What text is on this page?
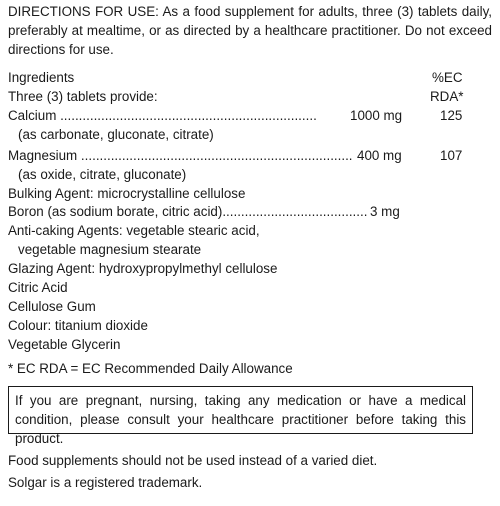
DIRECTIONS FOR USE: As a food supplement for adults, three (3) tablets daily, preferably at mealtime, or as directed by a healthcare practitioner. Do not exceed directions for use.
Ingredients	%EC
Three (3) tablets provide:	RDA*
Calcium .....................................................................	1000 mg	125
(as carbonate, gluconate, citrate)
Magnesium ......................................................................... 400 mg	107
(as oxide, citrate, gluconate)
Bulking Agent: microcrystalline cellulose
Boron (as sodium borate, citric acid)....................................... 3 mg
Anti-caking Agents: vegetable stearic acid,
vegetable magnesium stearate
Glazing Agent: hydroxypropylmethyl cellulose
Citric Acid
Cellulose Gum
Colour: titanium dioxide
Vegetable Glycerin
* EC RDA = EC Recommended Daily Allowance
If you are pregnant, nursing, taking any medication or have a medical condition, please consult your healthcare practitioner before taking this product.
Food supplements should not be used instead of a varied diet.
Solgar is a registered trademark.
